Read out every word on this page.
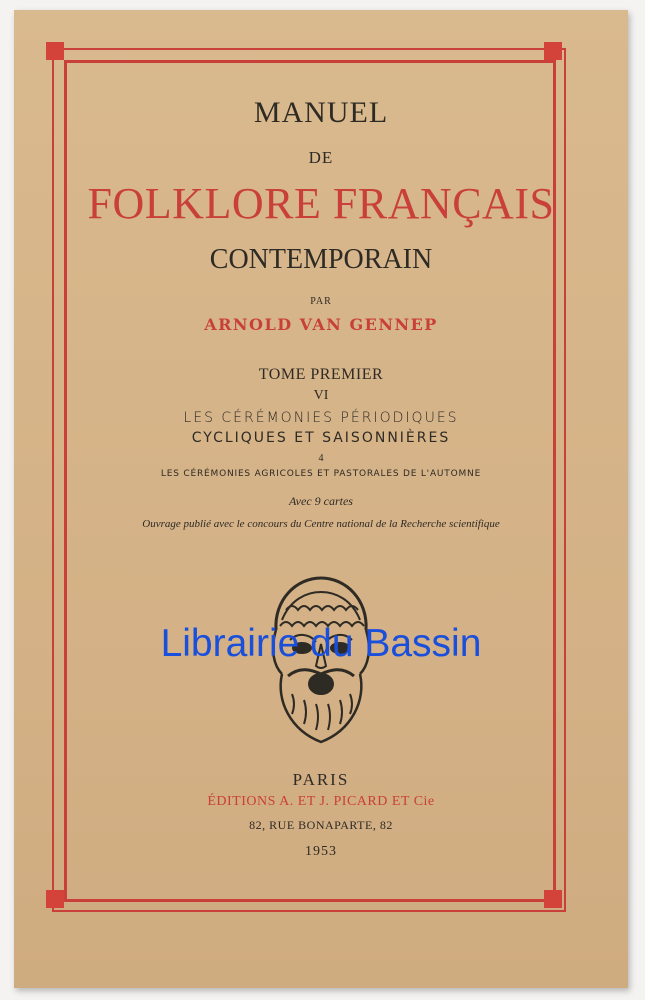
MANUEL
DE
FOLKLORE FRANÇAIS
CONTEMPORAIN
PAR
ARNOLD VAN GENNEP
TOME PREMIER
VI
LES CÉRÉMONIES PÉRIODIQUES
CYCLIQUES ET SAISONNIÈRES
4
LES CÉRÉMONIES AGRICOLES ET PASTORALES DE L'AUTOMNE
Avec 9 cartes
Ouvrage publié avec le concours du Centre national de la Recherche scientifique
Librairie du Bassin
PARIS
ÉDITIONS A. ET J. PICARD ET Cie
82, RUE BONAPARTE, 82
1953
